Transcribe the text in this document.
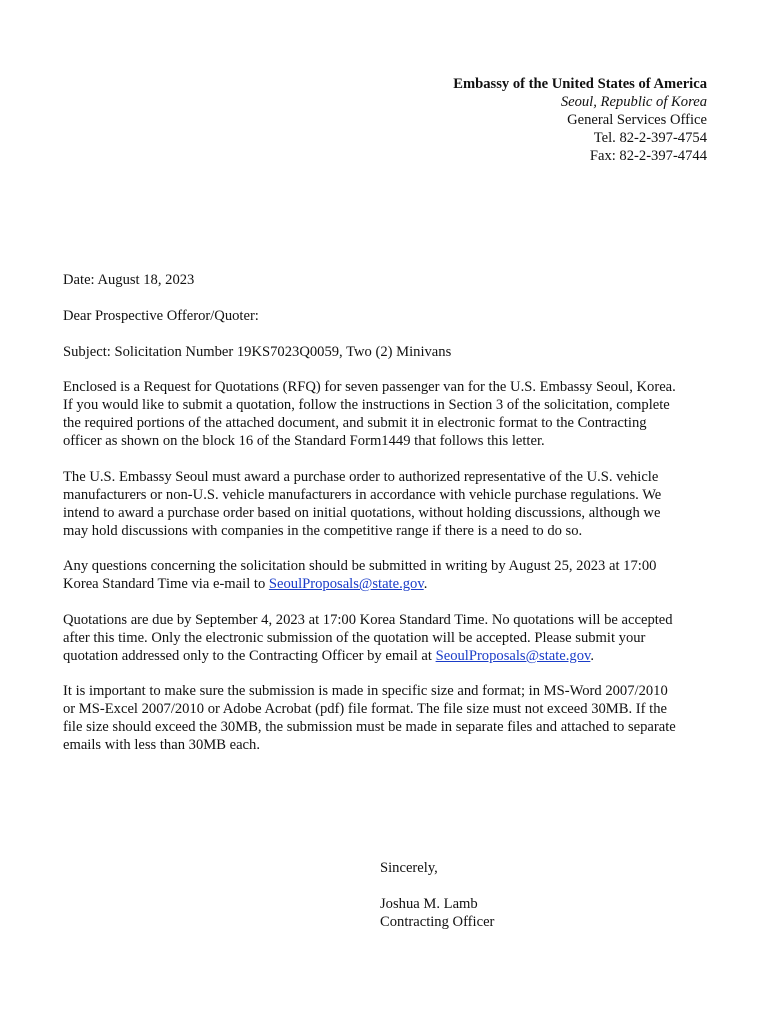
Embassy of the United States of America
Seoul, Republic of Korea
General Services Office
Tel. 82-2-397-4754
Fax: 82-2-397-4744

Date: August 18, 2023

Dear Prospective Offeror/Quoter:

Subject: Solicitation Number 19KS7023Q0059, Two (2) Minivans

Enclosed is a Request for Quotations (RFQ) for seven passenger van for the U.S. Embassy Seoul, Korea.

If you would like to submit a quotation, follow the instructions in Section 3 of the solicitation, complete

the required portions of the attached document, and submit it in electronic format to the Contracting

officer as shown on the block 16 of the Standard Form1449 that follows this letter.

The U.S. Embassy Seoul must award a purchase order to authorized representative of the U.S. vehicle

manufacturers or non-U.S. vehicle manufacturers in accordance with vehicle purchase regulations. We

intend to award a purchase order based on initial quotations, without holding discussions, although we

may hold discussions with companies in the competitive range if there is a need to do so.

Any questions concerning the solicitation should be submitted in writing by August 25, 2023 at 17:00

Korea Standard Time via e-mail to SeoulProposals@state.gov.

Quotations are due by September 4, 2023 at 17:00 Korea Standard Time. No quotations will be accepted

after this time. Only the electronic submission of the quotation will be accepted. Please submit your

quotation addressed only to the Contracting Officer by email at SeoulProposals@state.gov.

It is important to make sure the submission is made in specific size and format; in MS-Word 2007/2010

or MS-Excel 2007/2010 or Adobe Acrobat (pdf) file format. The file size must not exceed 30MB. If the

file size should exceed the 30MB, the submission must be made in separate files and attached to separate

emails with less than 30MB each.

Sincerely,
Joshua M. Lamb
Contracting Officer
